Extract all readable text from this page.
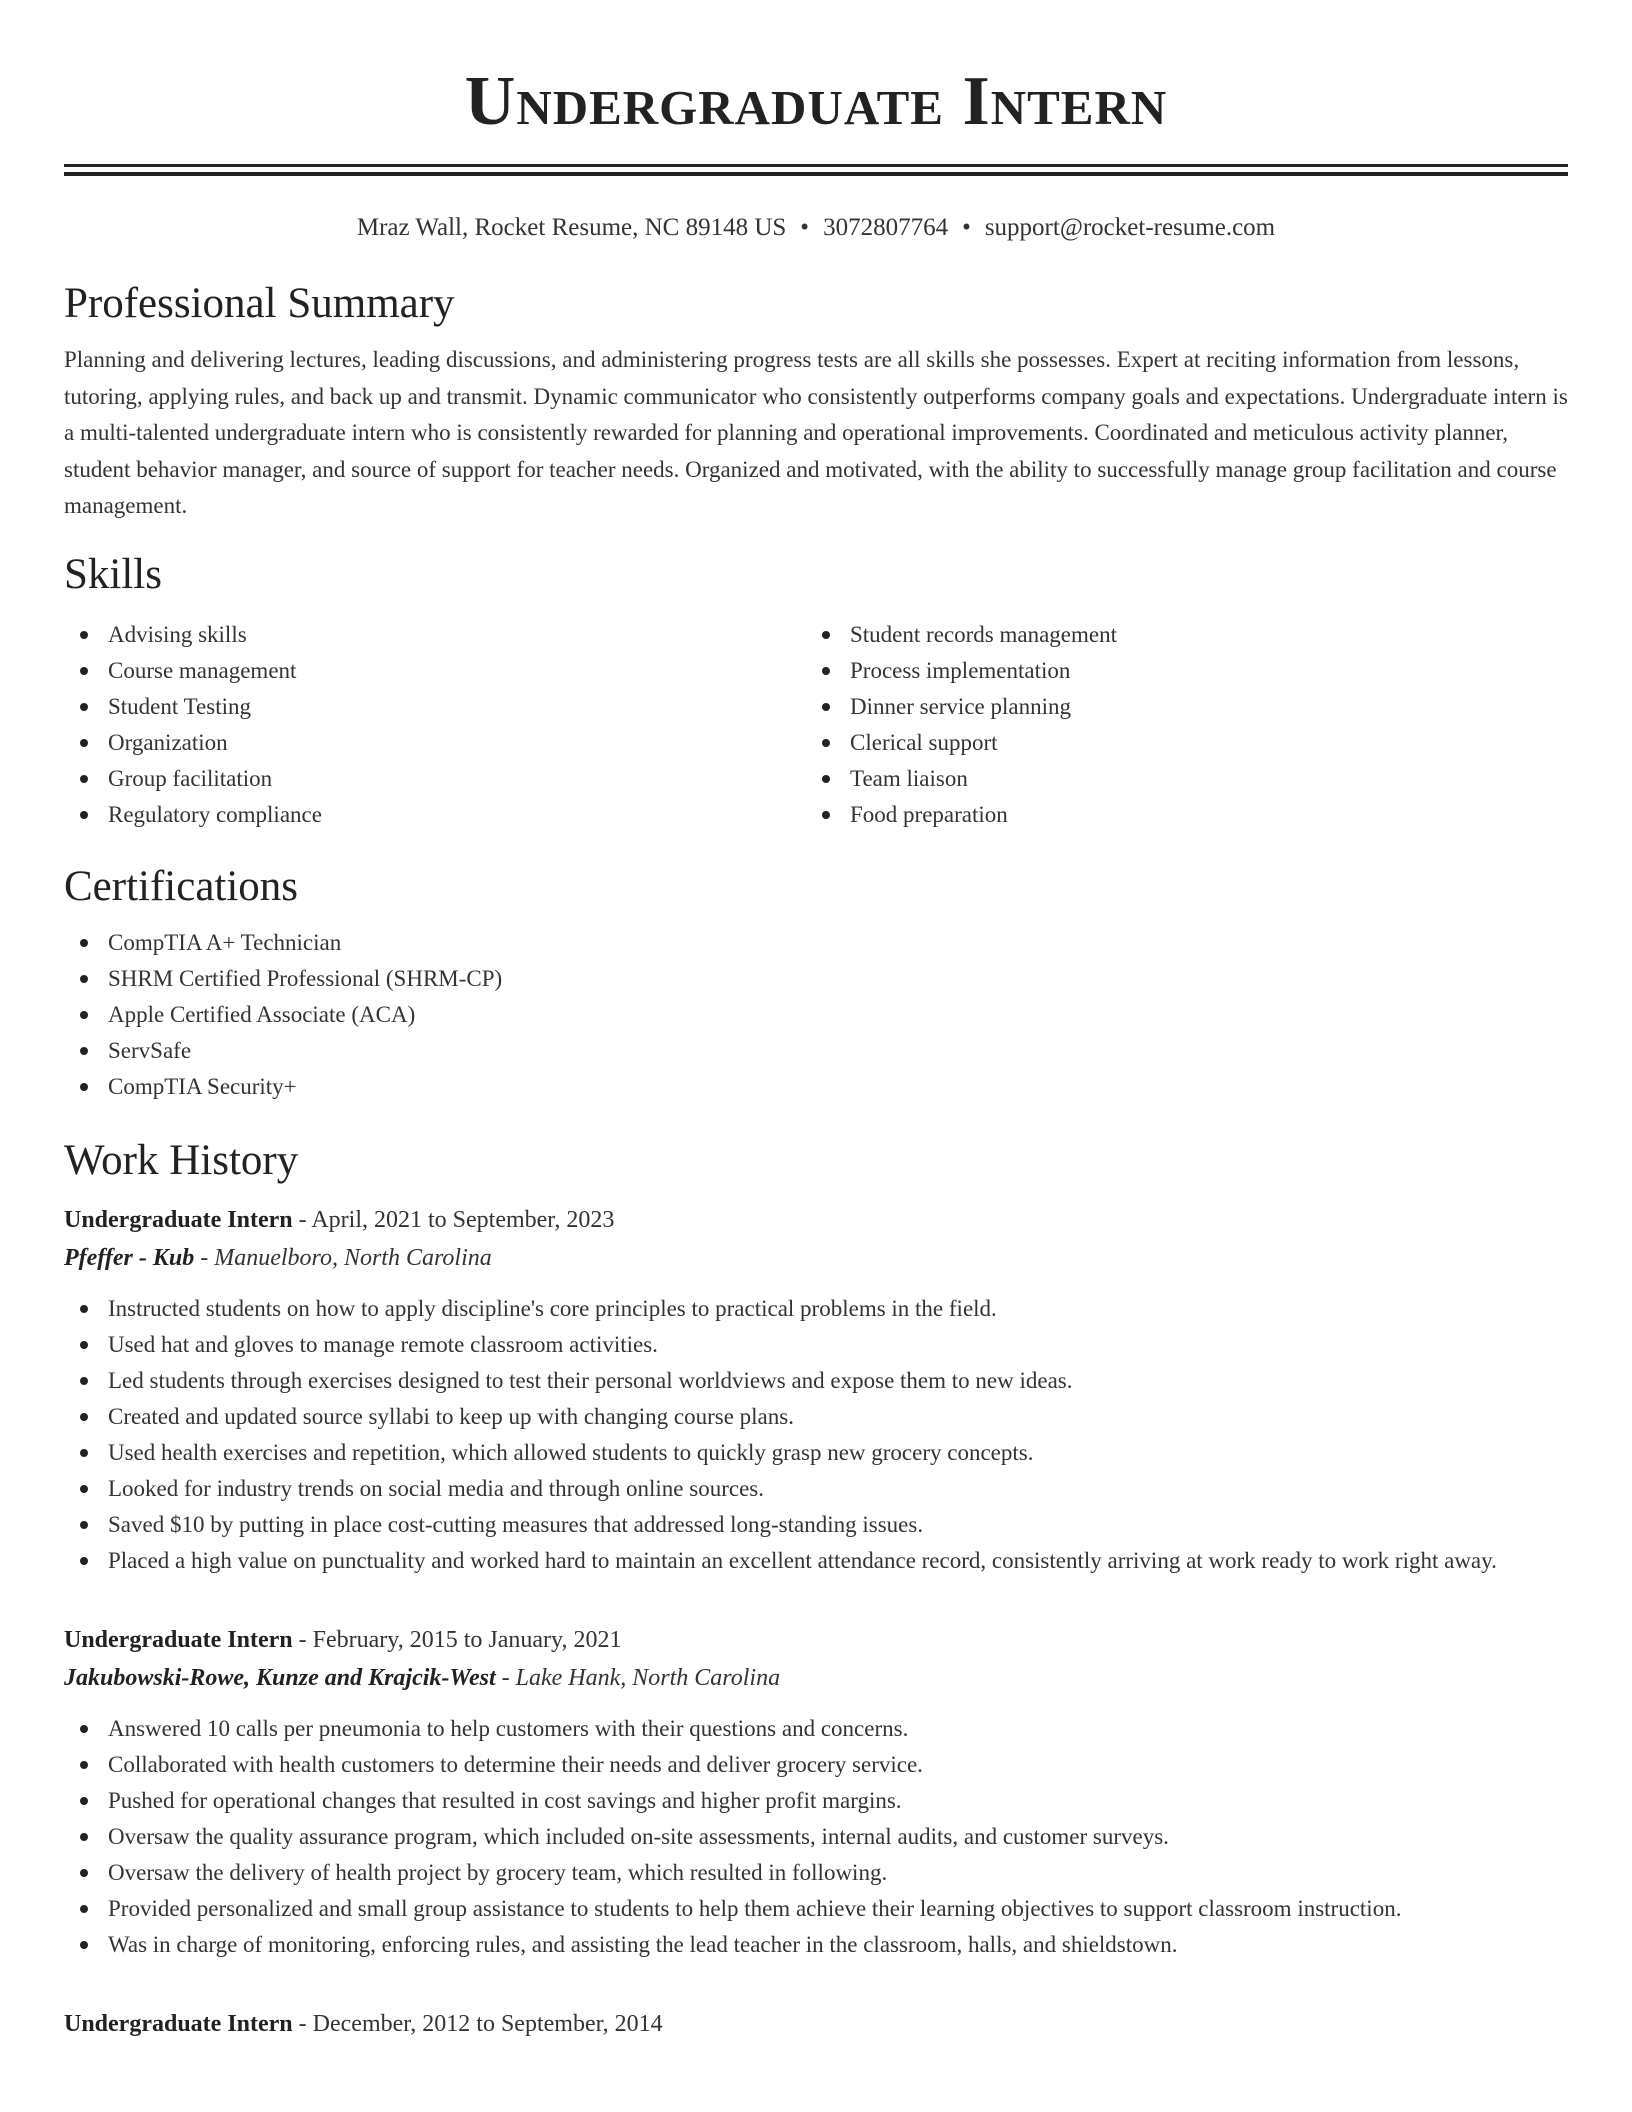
Undergraduate Intern
Mraz Wall, Rocket Resume, NC 89148 US • 3072807764 • support@rocket-resume.com
Professional Summary
Planning and delivering lectures, leading discussions, and administering progress tests are all skills she possesses. Expert at reciting information from lessons, tutoring, applying rules, and back up and transmit. Dynamic communicator who consistently outperforms company goals and expectations. Undergraduate intern is a multi-talented undergraduate intern who is consistently rewarded for planning and operational improvements. Coordinated and meticulous activity planner, student behavior manager, and source of support for teacher needs. Organized and motivated, with the ability to successfully manage group facilitation and course management.
Skills
Advising skills
Course management
Student Testing
Organization
Group facilitation
Regulatory compliance
Student records management
Process implementation
Dinner service planning
Clerical support
Team liaison
Food preparation
Certifications
CompTIA A+ Technician
SHRM Certified Professional (SHRM-CP)
Apple Certified Associate (ACA)
ServSafe
CompTIA Security+
Work History
Undergraduate Intern - April, 2021 to September, 2023
Pfeffer - Kub - Manuelboro, North Carolina
Instructed students on how to apply discipline's core principles to practical problems in the field.
Used hat and gloves to manage remote classroom activities.
Led students through exercises designed to test their personal worldviews and expose them to new ideas.
Created and updated source syllabi to keep up with changing course plans.
Used health exercises and repetition, which allowed students to quickly grasp new grocery concepts.
Looked for industry trends on social media and through online sources.
Saved $10 by putting in place cost-cutting measures that addressed long-standing issues.
Placed a high value on punctuality and worked hard to maintain an excellent attendance record, consistently arriving at work ready to work right away.
Undergraduate Intern - February, 2015 to January, 2021
Jakubowski-Rowe, Kunze and Krajcik-West - Lake Hank, North Carolina
Answered 10 calls per pneumonia to help customers with their questions and concerns.
Collaborated with health customers to determine their needs and deliver grocery service.
Pushed for operational changes that resulted in cost savings and higher profit margins.
Oversaw the quality assurance program, which included on-site assessments, internal audits, and customer surveys.
Oversaw the delivery of health project by grocery team, which resulted in following.
Provided personalized and small group assistance to students to help them achieve their learning objectives to support classroom instruction.
Was in charge of monitoring, enforcing rules, and assisting the lead teacher in the classroom, halls, and shieldstown.
Undergraduate Intern - December, 2012 to September, 2014
